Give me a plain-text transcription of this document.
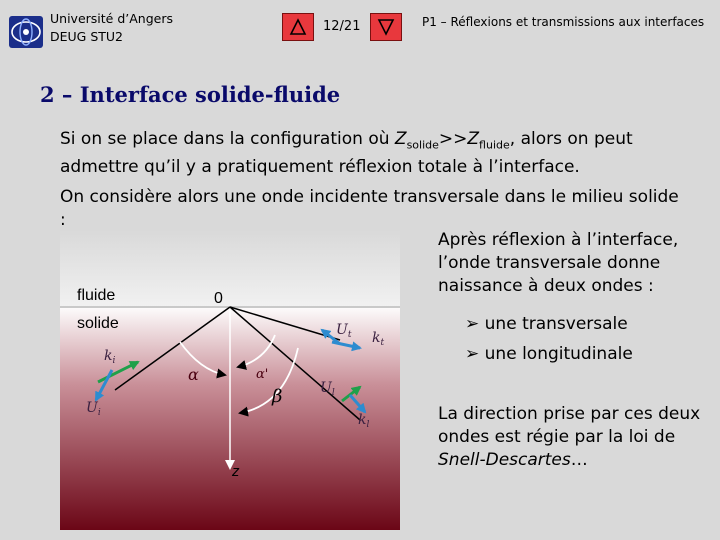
Université d’Angers
DEUG STU2
12/21	P1 – Réflexions et transmissions aux interfaces
2 – Interface solide-fluide
Si on se place dans la configuration où $Z_{solide}>>Z_{fluide}$, alors on peut admettre qu’il y a pratiquement réflexion totale à l’interface.
On considère alors une onde incidente transversale dans le milieu solide :
Après réflexion à l’interface, l’onde transversale donne naissance à deux ondes :
➢ une transversale
➢ une longitudinale
La direction prise par ces deux ondes est régie par la loi de Snell-Descartes…
fluide
solide
0
z
α	α'
β
$k_i$
$U_i$
$U_t$ $k_t$
$U_l$
$k_l$
